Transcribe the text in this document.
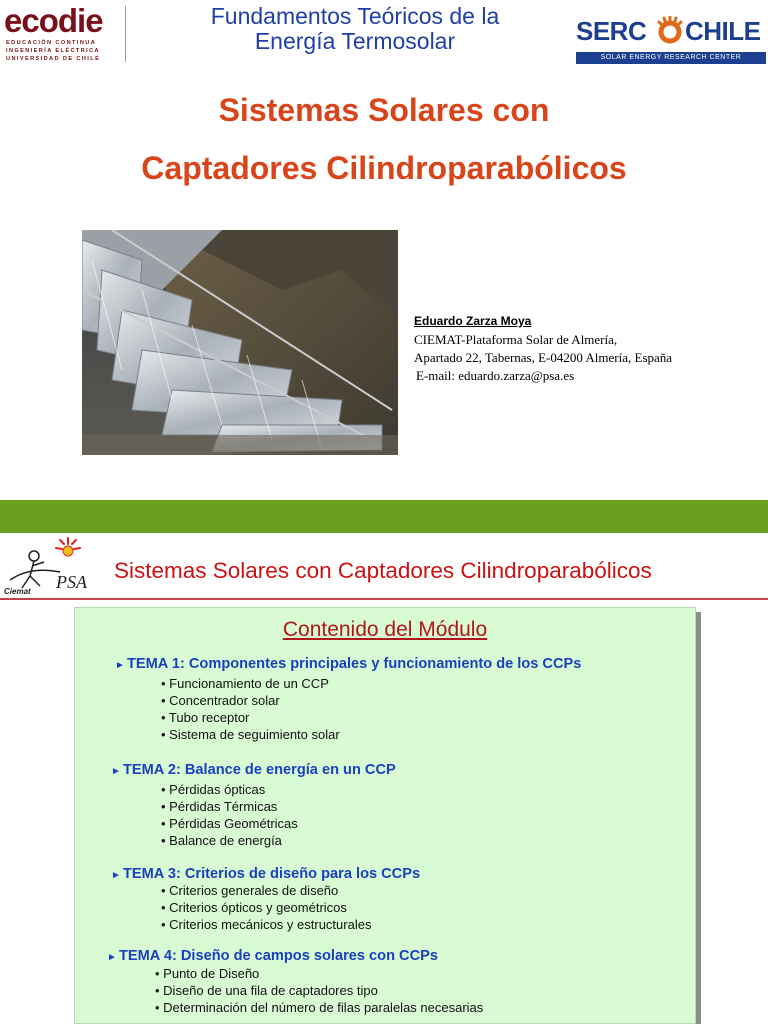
ecodie
EDUCACIÓN CONTINUA
INGENIERÍA ELÉCTRICA
UNIVERSIDAD DE CHILE
Fundamentos Teóricos de la
Energía Termosolar	SERC CHILE
SOLAR ENERGY RESEARCH CENTER
Sistemas Solares con
Captadores Cilindroparabólicos
Eduardo Zarza Moya
CIEMAT-Plataforma Solar de Almería,
Apartado 22, Tabernas, E-04200 Almería, España
E-mail: eduardo.zarza@psa.es
PSA
Ciemat
Sistemas Solares con Captadores Cilindroparabólicos
Contenido del Módulo
► TEMA 1: Componentes principales y funcionamiento de los CCPs
• Funcionamiento de un CCP
• Concentrador solar
• Tubo receptor
• Sistema de seguimiento solar
► TEMA 2: Balance de energía en un CCP
• Pérdidas ópticas
• Pérdidas Térmicas
• Pérdidas Geométricas
• Balance de energía
► TEMA 3: Criterios de diseño para los CCPs
• Criterios generales de diseño
• Criterios ópticos y geométricos
• Criterios mecánicos y estructurales
► TEMA 4: Diseño de campos solares con CCPs
• Punto de Diseño
• Diseño de una fila de captadores tipo
• Determinación del número de filas paralelas necesarias
